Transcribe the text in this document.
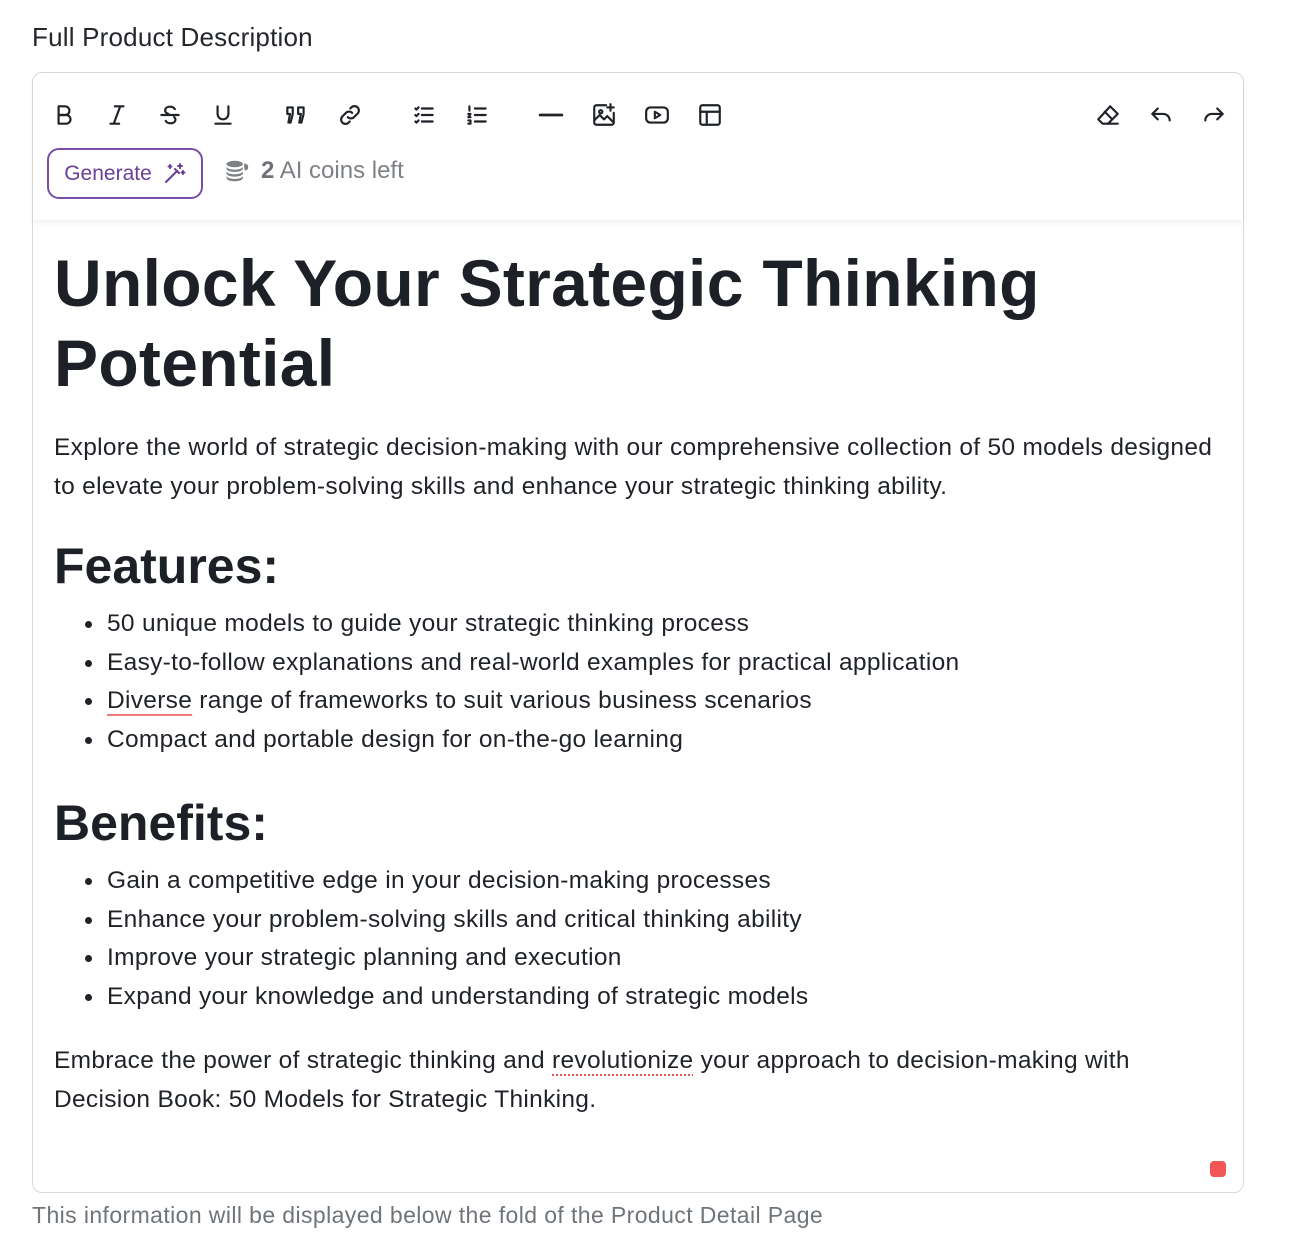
Full Product Description
Generate	2 AI coins left
Unlock Your Strategic Thinking Potential

Explore the world of strategic decision-making with our comprehensive collection of 50 models designed to elevate your problem-solving skills and enhance your strategic thinking ability.

Features:
50 unique models to guide your strategic thinking process
Easy-to-follow explanations and real-world examples for practical application
Diverse range of frameworks to suit various business scenarios
Compact and portable design for on-the-go learning
Benefits:
Gain a competitive edge in your decision-making processes
Enhance your problem-solving skills and critical thinking ability
Improve your strategic planning and execution
Expand your knowledge and understanding of strategic models

Embrace the power of strategic thinking and revolutionize your approach to decision-making with Decision Book: 50 Models for Strategic Thinking.

This information will be displayed below the fold of the Product Detail Page
